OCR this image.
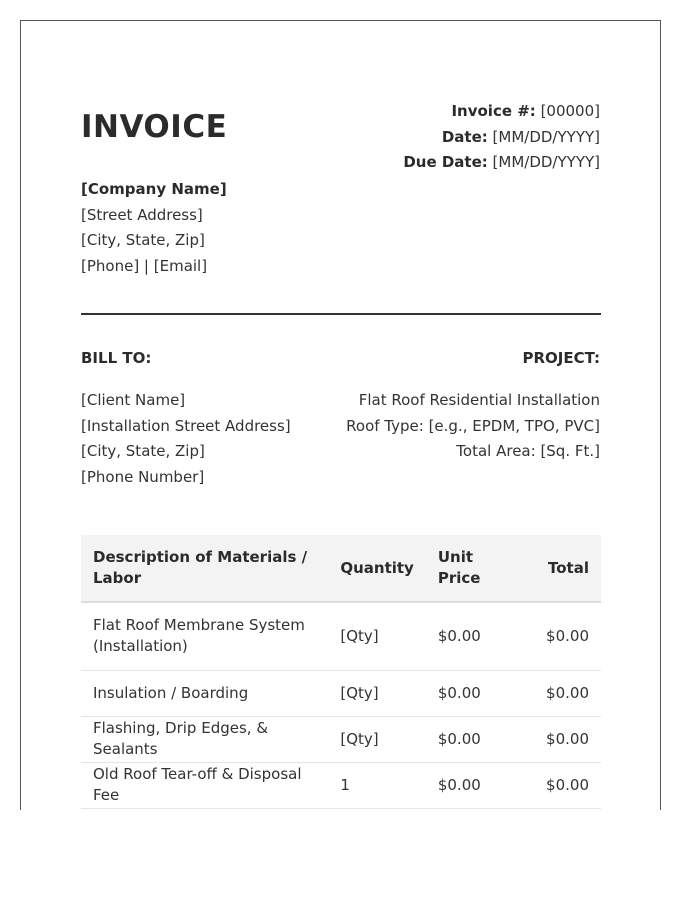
INVOICE	Invoice #: [00000]
Date: [MM/DD/YYYY]
Due Date: [MM/DD/YYYY]
[Company Name]
[Street Address]
[City, State, Zip]
[Phone] | [Email]
BILL TO:	PROJECT:
[Client Name]
[Installation Street Address]
[City, State, Zip]
[Phone Number]
Flat Roof Residential Installation
Roof Type: [e.g., EPDM, TPO, PVC]
Total Area: [Sq. Ft.]
Description of Materials / Labor	Quantity	Unit Price	Total
Flat Roof Membrane System (Installation)	[Qty]	$0.00	$0.00
Insulation / Boarding	[Qty]	$0.00	$0.00
Flashing, Drip Edges, & Sealants	[Qty]	$0.00	$0.00
Old Roof Tear-off & Disposal Fee	1	$0.00	$0.00
